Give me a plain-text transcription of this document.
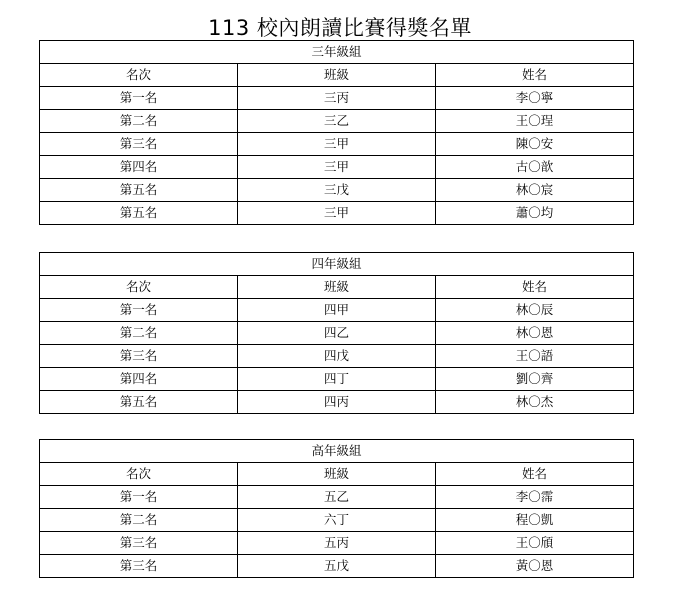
113 校內朗讀比賽得獎名單
三年級組		
名次	班級	姓名
第一名	三丙	李〇寧
第二名	三乙	王〇珵
第三名	三甲	陳〇安
第四名	三甲	古〇歆
第五名	三戊	林〇宸
第五名	三甲	蕭〇均
四年級組		
名次	班級	姓名
第一名	四甲	林〇辰
第二名	四乙	林〇恩
第三名	四戊	王〇語
第四名	四丁	劉〇齊
第五名	四丙	林〇杰
高年級組		
名次	班級	姓名
第一名	五乙	李〇霈
第二名	六丁	程〇凱
第三名	五丙	王〇頎
第三名	五戊	黃〇恩
